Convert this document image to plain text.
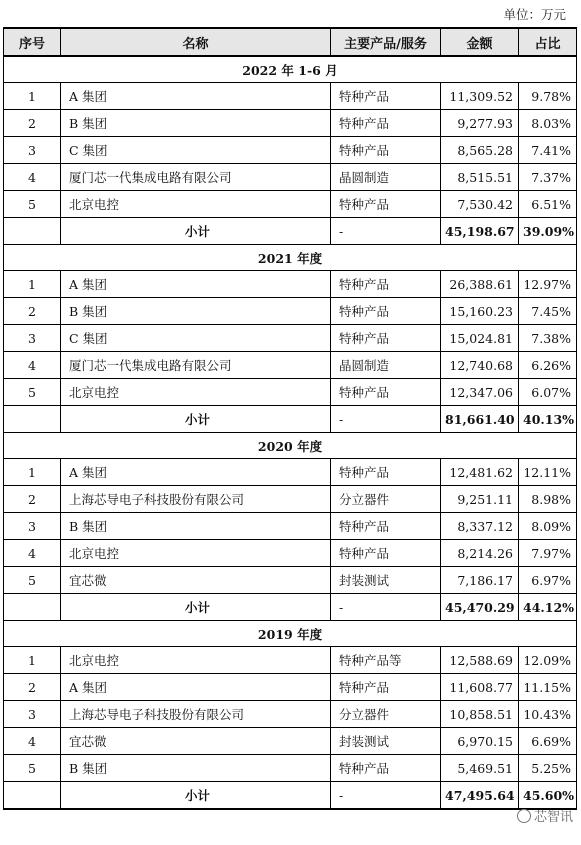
单位：万元
序号	名称	主要产品/服务	金额	占比
2022 年 1-6 月				
1	A 集团	特种产品	11,309.52	9.78%
2	B 集团	特种产品	9,277.93	8.03%
3	C 集团	特种产品	8,565.28	7.41%
4	厦门芯一代集成电路有限公司	晶圆制造	8,515.51	7.37%
5	北京电控	特种产品	7,530.42	6.51%
	小计	-	45,198.67	39.09%
2021 年度				
1	A 集团	特种产品	26,388.61	12.97%
2	B 集团	特种产品	15,160.23	7.45%
3	C 集团	特种产品	15,024.81	7.38%
4	厦门芯一代集成电路有限公司	晶圆制造	12,740.68	6.26%
5	北京电控	特种产品	12,347.06	6.07%
	小计	-	81,661.40	40.13%
2020 年度				
1	A 集团	特种产品	12,481.62	12.11%
2	上海芯导电子科技股份有限公司	分立器件	9,251.11	8.98%
3	B 集团	特种产品	8,337.12	8.09%
4	北京电控	特种产品	8,214.26	7.97%
5	宜芯微	封装测试	7,186.17	6.97%
	小计	-	45,470.29	44.12%
2019 年度				
1	北京电控	特种产品等	12,588.69	12.09%
2	A 集团	特种产品	11,608.77	11.15%
3	上海芯导电子科技股份有限公司	分立器件	10,858.51	10.43%
4	宜芯微	封装测试	6,970.15	6.69%
5	B 集团	特种产品	5,469.51	5.25%
	小计	-	47,495.64	45.60%
芯智讯
